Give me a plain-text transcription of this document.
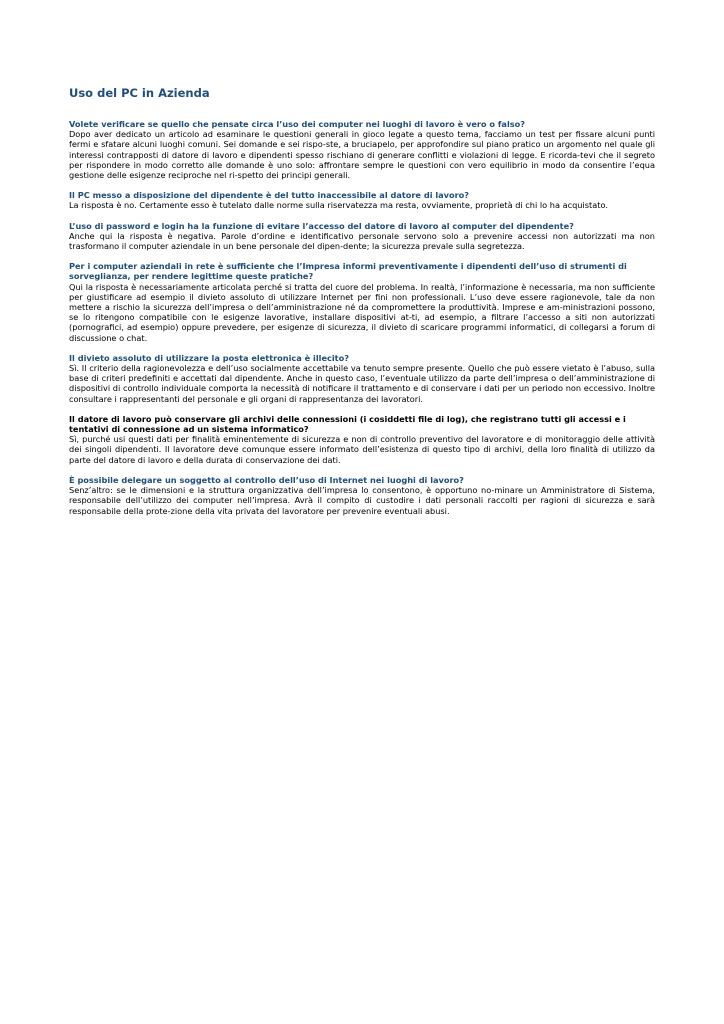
Uso del PC in Azienda

Volete verificare se quello che pensate circa l’uso dei computer nei luoghi di lavoro è vero o falso?

Dopo aver dedicato un articolo ad esaminare le questioni generali in gioco legate a questo tema, facciamo un test per fissare alcuni punti fermi e sfatare alcuni luoghi comuni. Sei domande e sei rispo-ste, a bruciapelo, per approfondire sul piano pratico un argomento nel quale gli interessi contrapposti di datore di lavoro e dipendenti spesso rischiano di generare conflitti e violazioni di legge. E ricorda-tevi che il segreto per rispondere in modo corretto alle domande è uno solo: affrontare sempre le questioni con vero equilibrio in modo da consentire l’equa gestione delle esigenze reciproche nel ri-spetto dei principi generali.

Il PC messo a disposizione del dipendente è del tutto inaccessibile al datore di lavoro?

La risposta è no. Certamente esso è tutelato dalle norme sulla riservatezza ma resta, ovviamente, proprietà di chi lo ha acquistato.

L’uso di password e login ha la funzione di evitare l’accesso del datore di lavoro al computer del dipendente?

Anche qui la risposta è negativa. Parole d’ordine e identificativo personale servono solo a prevenire accessi non autorizzati ma non trasformano il computer aziendale in un bene personale del dipen-dente; la sicurezza prevale sulla segretezza.

Per i computer aziendali in rete è sufficiente che l’Impresa informi preventivamente i dipendenti dell’uso di strumenti di sorveglianza, per rendere legittime queste pratiche?

Qui la risposta è necessariamente articolata perché si tratta del cuore del problema. In realtà, l’informazione è necessaria, ma non sufficiente per giustificare ad esempio il divieto assoluto di utilizzare Internet per fini non professionali. L’uso deve essere ragionevole, tale da non mettere a rischio la sicurezza dell’impresa o dell’amministrazione né da compromettere la produttività. Imprese e am-ministrazioni possono, se lo ritengono compatibile con le esigenze lavorative, installare dispositivi at-ti, ad esempio, a filtrare l’accesso a siti non autorizzati (pornografici, ad esempio) oppure prevedere, per esigenze di sicurezza, il divieto di scaricare programmi informatici, di collegarsi a forum di discussione o chat.

Il divieto assoluto di utilizzare la posta elettronica è illecito?

Sì. Il criterio della ragionevolezza e dell’uso socialmente accettabile va tenuto sempre presente. Quello che può essere vietato è l’abuso, sulla base di criteri predefiniti e accettati dal dipendente. Anche in questo caso, l’eventuale utilizzo da parte dell’impresa o dell’amministrazione di dispositivi di controllo individuale comporta la necessità di notificare il trattamento e di conservare i dati per un periodo non eccessivo. Inoltre consultare i rappresentanti del personale e gli organi di rappresentanza dei lavoratori.

Il datore di lavoro può conservare gli archivi delle connessioni (i cosiddetti file di log), che registrano tutti gli accessi e i tentativi di connessione ad un sistema informatico?

Sì, purché usi questi dati per finalità eminentemente di sicurezza e non di controllo preventivo del lavoratore e di monitoraggio delle attività dei singoli dipendenti. Il lavoratore deve comunque essere informato dell’esistenza di questo tipo di archivi, della loro finalità di utilizzo da parte del datore di lavoro e della durata di conservazione dei dati.

È possibile delegare un soggetto al controllo dell’uso di Internet nei luoghi di lavoro?

Senz’altro: se le dimensioni e la struttura organizzativa dell’impresa lo consentono, è opportuno no-minare un Amministratore di Sistema, responsabile dell’utilizzo dei computer nell’impresa. Avrà il compito di custodire i dati personali raccolti per ragioni di sicurezza e sarà responsabile della prote-zione della vita privata del lavoratore per prevenire eventuali abusi.
